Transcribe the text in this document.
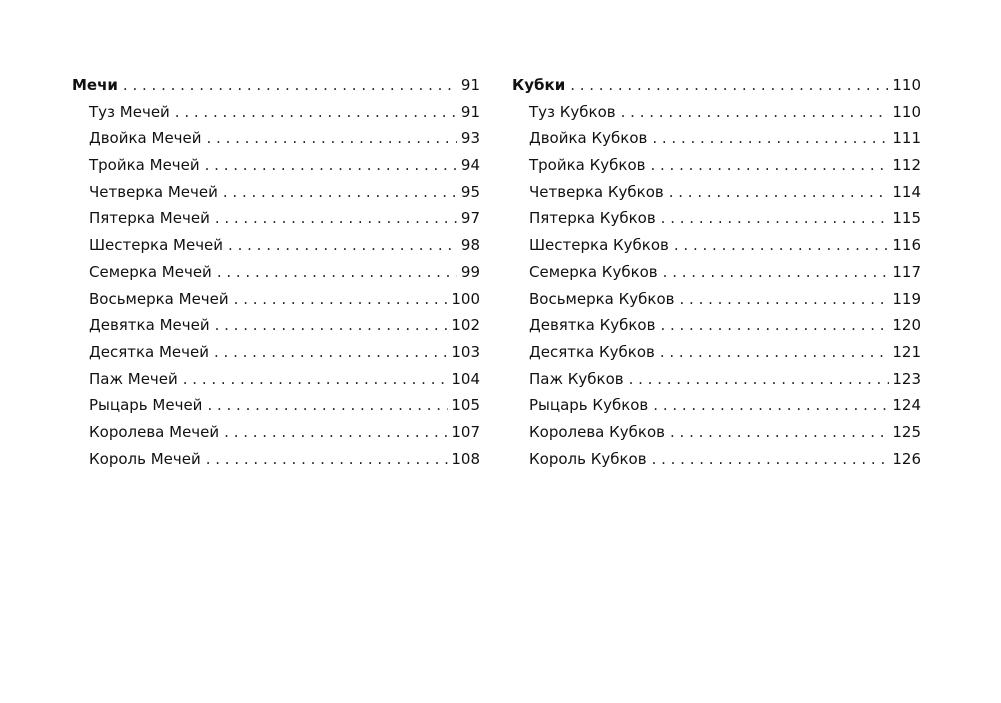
Мечи . . .	91
Туз Мечей . . .	91
Двойка Мечей . . .	93
Тройка Мечей . . .	94
Четверка Мечей . . .	95
Пятерка Мечей . . .	97
Шестерка Мечей . . .	98
Семерка Мечей . . .	99
Восьмерка Мечей . . .	100
Девятка Мечей . . .	102
Десятка Мечей . . .	103
Паж Мечей . . .	104
Рыцарь Мечей . . .	105
Королева Мечей . . .	107
Король Мечей . . .	108
Кубки . . .	110
Туз Кубков . . .	110
Двойка Кубков . . .	111
Тройка Кубков . . .	112
Четверка Кубков . . .	114
Пятерка Кубков . . .	115
Шестерка Кубков . . .	116
Семерка Кубков . . .	117
Восьмерка Кубков . . .	119
Девятка Кубков . . .	120
Десятка Кубков . . .	121
Паж Кубков . . .	123
Рыцарь Кубков . . .	124
Королева Кубков . . .	125
Король Кубков . . .	126
